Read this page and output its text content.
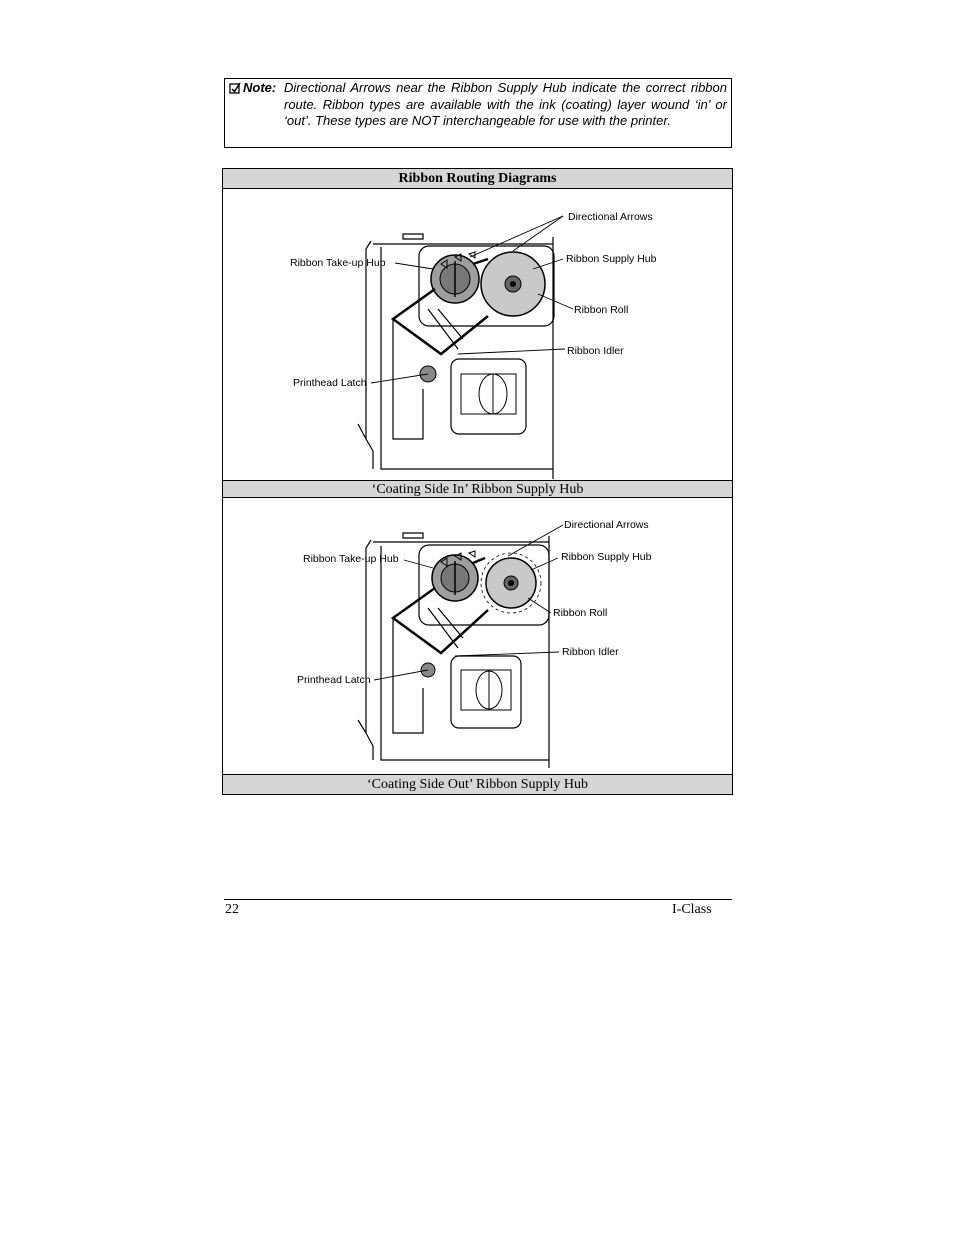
Note: Directional Arrows near the Ribbon Supply Hub indicate the correct ribbon route. Ribbon types are available with the ink (coating) layer wound ‘in’ or ‘out’. These types are NOT interchangeable for use with the printer.
Ribbon Routing Diagrams
Directional Arrows
Ribbon Supply Hub
Ribbon Take-up Hub
Ribbon Roll
Ribbon Idler
Printhead Latch
‘Coating Side In’ Ribbon Supply Hub
Directional Arrows
Ribbon Supply Hub
Ribbon Take-up Hub
Ribbon Roll
Ribbon Idler
Printhead Latch
‘Coating Side Out’ Ribbon Supply Hub
22	I-Class
